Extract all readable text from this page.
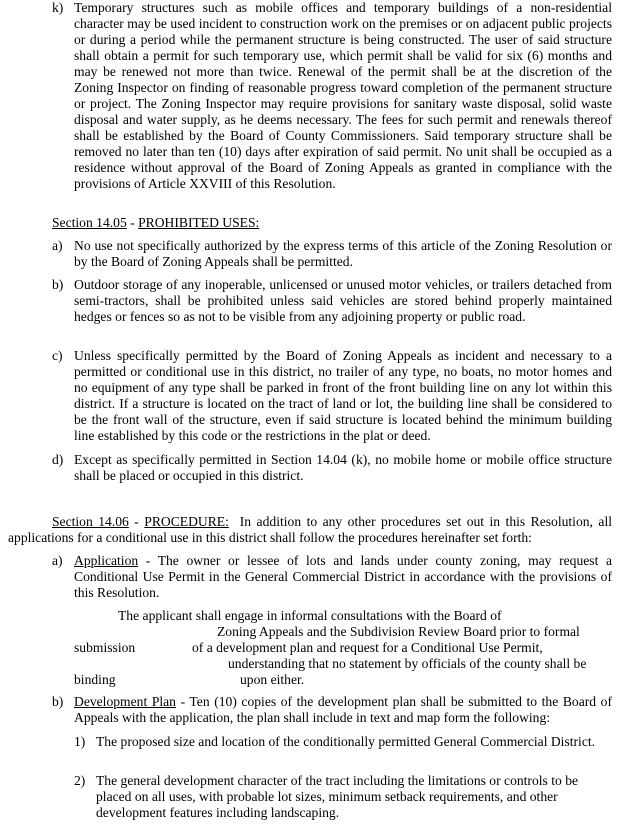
k) Temporary structures such as mobile offices and temporary buildings of a non-residential character may be used incident to construction work on the premises or on adjacent public projects or during a period while the permanent structure is being constructed. The user of said structure shall obtain a permit for such temporary use, which permit shall be valid for six (6) months and may be renewed not more than twice. Renewal of the permit shall be at the discretion of the Zoning Inspector on finding of reasonable progress toward completion of the permanent structure or project. The Zoning Inspector may require provisions for sanitary waste disposal, solid waste disposal and water supply, as he deems necessary. The fees for such permit and renewals thereof shall be established by the Board of County Commissioners. Said temporary structure shall be removed no later than ten (10) days after expiration of said permit. No unit shall be occupied as a residence without approval of the Board of Zoning Appeals as granted in compliance with the provisions of Article XXVIII of this Resolution.
Section 14.05 - PROHIBITED USES:
a) No use not specifically authorized by the express terms of this article of the Zoning Resolution or by the Board of Zoning Appeals shall be permitted.
b) Outdoor storage of any inoperable, unlicensed or unused motor vehicles, or trailers detached from semi-tractors, shall be prohibited unless said vehicles are stored behind properly maintained hedges or fences so as not to be visible from any adjoining property or public road.
c) Unless specifically permitted by the Board of Zoning Appeals as incident and necessary to a permitted or conditional use in this district, no trailer of any type, no boats, no motor homes and no equipment of any type shall be parked in front of the front building line on any lot within this district. If a structure is located on the tract of land or lot, the building line shall be considered to be the front wall of the structure, even if said structure is located behind the minimum building line established by this code or the restrictions in the plat or deed.
d) Except as specifically permitted in Section 14.04 (k), no mobile home or mobile office structure shall be placed or occupied in this district.
Section 14.06 - PROCEDURE:  In addition to any other procedures set out in this Resolution, all applications for a conditional use in this district shall follow the procedures hereinafter set forth:
a) Application - The owner or lessee of lots and lands under county zoning, may request a Conditional Use Permit in the General Commercial District in accordance with the provisions of this Resolution.
The applicant shall engage in informal consultations with the Board of
Zoning Appeals and the Subdivision Review Board prior to formal
submission	of a development plan and request for a Conditional Use Permit,
understanding that no statement by officials of the county shall be
binding	upon either.
b) Development Plan - Ten (10) copies of the development plan shall be submitted to the Board of Appeals with the application, the plan shall include in text and map form the following:
1) The proposed size and location of the conditionally permitted General Commercial District.
2) The general development character of the tract including the limitations or controls to be placed on all uses, with probable lot sizes, minimum setback requirements, and other development features including landscaping.
